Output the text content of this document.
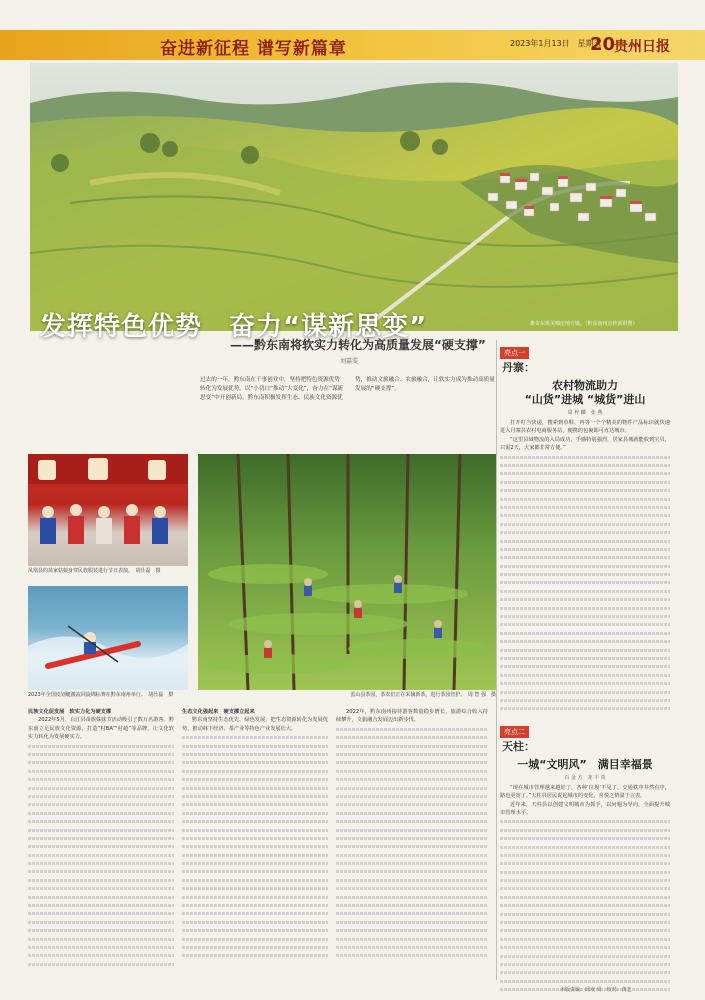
奋进新征程 谱写新篇章	2023年1月13日　星期五
20
贵州日报
发挥特色优势　奋力“谋新思变”	雄奇东歌美锦崖地方镇。（黔东南州宣传部供图）
——黔东南将软实力转化为高质量发展“硬支撑”
刘嘉雯
过去的一年，黔东南在干事创业中，坚持把特色资源优势转化为发展优势，以“小切口”推动“大变化”，奋力在“谋新思变”中开创新局。黔东南积极发挥生态、民族文化资源优势，推动文旅融合、农旅融合，让软实力成为推动高质量发展的“硬支撑”。
凤凰县的苗家姑娘身穿民族服装进行节日表演。　胡仕磊　摄
2023年全国皮划艇激流回旋锦标赛在黔东南州举行。　胡仕磊　摄	雷山县茶园，茶农们正在采摘新茶，进行茶园管护。　周 智 强　摄
民族文化促发展　软实力化为硬支撑
2022年5月，台江县苗族姊妹节活动吸引了数万名游客。黔东南立足民族文化资源，打造“村BA”“村超”等品牌，让文化软实力转化为发展硬实力。
生态文化强起来　硬支撑立起来
黔东南坚持生态优先、绿色发展，把生态资源转化为发展优势，推动林下经济、茶产业等特色产业发展壮大。
2022年，黔东南州接待游客数量稳步增长，旅游综合收入持续攀升，文旅融合发展迈出新步伐。
亮点一
丹寨：
农村物流助力
“山货”进城 “城货”进山
周 梓 麟　张 燕
打开叮当快递，搜索到草鞋、再等一个个精美的物件产品标识就快速进入丹寨县农村电商服务站，便携的包裹即可直达城市。
“这里县域物流的入局成功，手感特别强烈，居家县城就能收到宝贝，只需2天，大家都非常方便。”
亮点二
天柱：
一城“文明风”　满目幸福景
石 金 方　龙 丰 英
“现在城市管理越来越好了，各种‘垃圾’不见了，交通秩序井然有序，路也更宽了。”天柱县居民说起城市的变化，喜悦之情溢于言表。
近年来，天柱县以创建文明城市为抓手，以问题为导向，全面提升城市管理水平。
本版责编：邱欢 周　校对：黄艺
